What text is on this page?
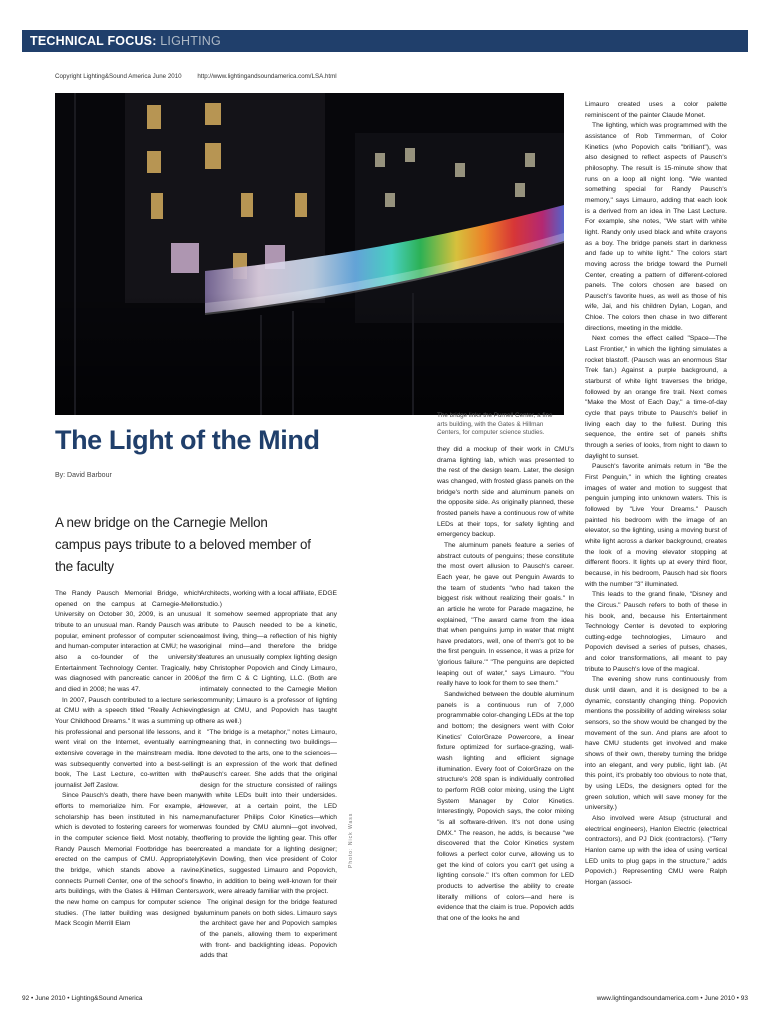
TECHNICAL FOCUS: LIGHTING
Copyright Lighting&Sound America June 2010	http://www.lightingandsoundamerica.com/LSA.html
The bridge links the Purnell Center, a fine arts building, with the Gates & Hillman Centers, for computer science studies.
The Light of the Mind
By: David Barbour
A new bridge on the Carnegie Mellon campus pays tribute to a beloved member of the faculty

The Randy Pausch Memorial Bridge, which opened on the campus at Carnegie-Mellon University on October 30, 2009, is an unusual tribute to an unusual man. Randy Pausch was a popular, eminent professor of computer science and human-computer interaction at CMU; he was also a co-founder of the university's Entertainment Technology Center. Tragically, he was diagnosed with pancreatic cancer in 2006, and died in 2008; he was 47.

In 2007, Pausch contributed to a lecture series at CMU with a speech titled "Really Achieving Your Childhood Dreams." It was a summing up of his professional and personal life lessons, and it went viral on the Internet, eventually earning extensive coverage in the mainstream media. It was subsequently converted into a best-selling book, The Last Lecture, co-written with the journalist Jeff Zaslow.

Since Pausch's death, there have been many efforts to memorialize him. For example, a scholarship has been instituted in his name, which is devoted to fostering careers for women in the computer science field. Most notably, the Randy Pausch Memorial Footbridge has been erected on the campus of CMU. Appropriately, the bridge, which stands above a ravine, connects Purnell Center, one of the school's fine arts buildings, with the Gates & Hillman Centers, the new home on campus for computer science studies. (The latter building was designed by Mack Scogin Merrill Elam

Architects, working with a local affiliate, EDGE studio.)

It somehow seemed appropriate that any tribute to Pausch needed to be a kinetic, almost living, thing—a reflection of his highly original mind—and therefore the bridge features an unusually complex lighting design by Christopher Popovich and Cindy Limauro, of the firm C & C Lighting, LLC. (Both are intimately connected to the Carnegie Mellon community; Limauro is a professor of lighting design at CMU, and Popovich has taught there as well.)

"The bridge is a metaphor," notes Limauro, meaning that, in connecting two buildings—one devoted to the arts, one to the sciences—it is an expression of the work that defined Pausch's career. She adds that the original design for the structure consisted of railings with white LEDs built into their undersides. However, at a certain point, the LED manufacturer Philips Color Kinetics—which was founded by CMU alumni—got involved, offering to provide the lighting gear. This offer created a mandate for a lighting designer; Kevin Dowling, then vice president of Color Kinetics, suggested Limauro and Popovich, who, in addition to being well-known for their work, were already familiar with the project.

The original design for the bridge featured aluminum panels on both sides. Limauro says the architect gave her and Popovich samples of the panels, allowing them to experiment with front- and backlighting ideas. Popovich adds that

Photo: Nick Wass

they did a mockup of their work in CMU's drama lighting lab, which was presented to the rest of the design team. Later, the design was changed, with frosted glass panels on the bridge's north side and aluminum panels on the opposite side. As originally planned, these frosted panels have a continuous row of white LEDs at their tops, for safety lighting and emergency backup.

The aluminum panels feature a series of abstract cutouts of penguins; these constitute the most overt allusion to Pausch's career. Each year, he gave out Penguin Awards to the team of students "who had taken the biggest risk without realizing their goals." In an article he wrote for Parade magazine, he explained, "The award came from the idea that when penguins jump in water that might have predators, well, one of them's got to be the first penguin. In essence, it was a prize for 'glorious failure.'" "The penguins are depicted leaping out of water," says Limauro. "You really have to look for them to see them."

Sandwiched between the double aluminum panels is a continuous run of 7,000 programmable color-changing LEDs at the top and bottom; the designers went with Color Kinetics' ColorGraze Powercore, a linear fixture optimized for surface-grazing, wall-wash lighting and efficient signage illumination. Every foot of ColorGraze on the structure's 208 span is individually controlled to perform RGB color mixing, using the Light System Manager by Color Kinetics. Interestingly, Popovich says, the color mixing "is all software-driven. It's not done using DMX." The reason, he adds, is because "we discovered that the Color Kinetics system follows a perfect color curve, allowing us to get the kind of colors you can't get using a lighting console." It's often common for LED products to advertise the ability to create literally millions of colors—and here is evidence that the claim is true. Popovich adds that one of the looks he and

Limauro created uses a color palette reminiscent of the painter Claude Monet.

The lighting, which was programmed with the assistance of Rob Timmerman, of Color Kinetics (who Popovich calls "brilliant"), was also designed to reflect aspects of Pausch's philosophy. The result is 15-minute show that runs on a loop all night long. "We wanted something special for Randy Pausch's memory," says Limauro, adding that each look is a derived from an idea in The Last Lecture. For example, she notes, "We start with white light. Randy only used black and white crayons as a boy. The bridge panels start in darkness and fade up to white light." The colors start moving across the bridge toward the Purnell Center, creating a pattern of different-colored panels. The colors chosen are based on Pausch's favorite hues, as well as those of his wife, Jai, and his children Dylan, Logan, and Chloe. The colors then chase in two different directions, meeting in the middle.

Next comes the effect called "Space—The Last Frontier," in which the lighting simulates a rocket blastoff. (Pausch was an enormous Star Trek fan.) Against a purple background, a starburst of white light traverses the bridge, followed by an orange fire trail. Next comes "Make the Most of Each Day," a time-of-day cycle that pays tribute to Pausch's belief in living each day to the fullest. During this sequence, the entire set of panels shifts through a series of looks, from night to dawn to daylight to sunset.

Pausch's favorite animals return in "Be the First Penguin," in which the lighting creates images of water and motion to suggest that penguin jumping into unknown waters. This is followed by "Live Your Dreams." Pausch painted his bedroom with the image of an elevator, so the lighting, using a moving burst of white light across a darker background, creates the look of a moving elevator stopping at different floors. It lights up at every third floor, because, in his bedroom, Pausch had six floors with the number "3" illuminated.

This leads to the grand finale, "Disney and the Circus." Pausch refers to both of these in his book, and, because his Entertainment Technology Center is devoted to exploring cutting-edge technologies, Limauro and Popovich devised a series of pulses, chases, and color transformations, all meant to pay tribute to Pausch's love of the magical.

The evening show runs continuously from dusk until dawn, and it is designed to be a dynamic, constantly changing thing. Popovich mentions the possibility of adding wireless solar sensors, so the show would be changed by the movement of the sun. And plans are afoot to have CMU students get involved and make shows of their own, thereby turning the bridge into an elegant, and very public, light lab. (At this point, it's probably too obvious to note that, by using LEDs, the designers opted for the green solution, which will save money for the university.)

Also involved were Atsup (structural and electrical engineers), Hanlon Electric (electrical contractors), and PJ Dick (contractors). ("Terry Hanlon came up with the idea of using vertical LED units to plug gaps in the structure," adds Popovich.) Representing CMU were Ralph Horgan (associ-

92 • June 2010 • Lighting&Sound America	www.lightingandsoundamerica.com • June 2010 • 93
